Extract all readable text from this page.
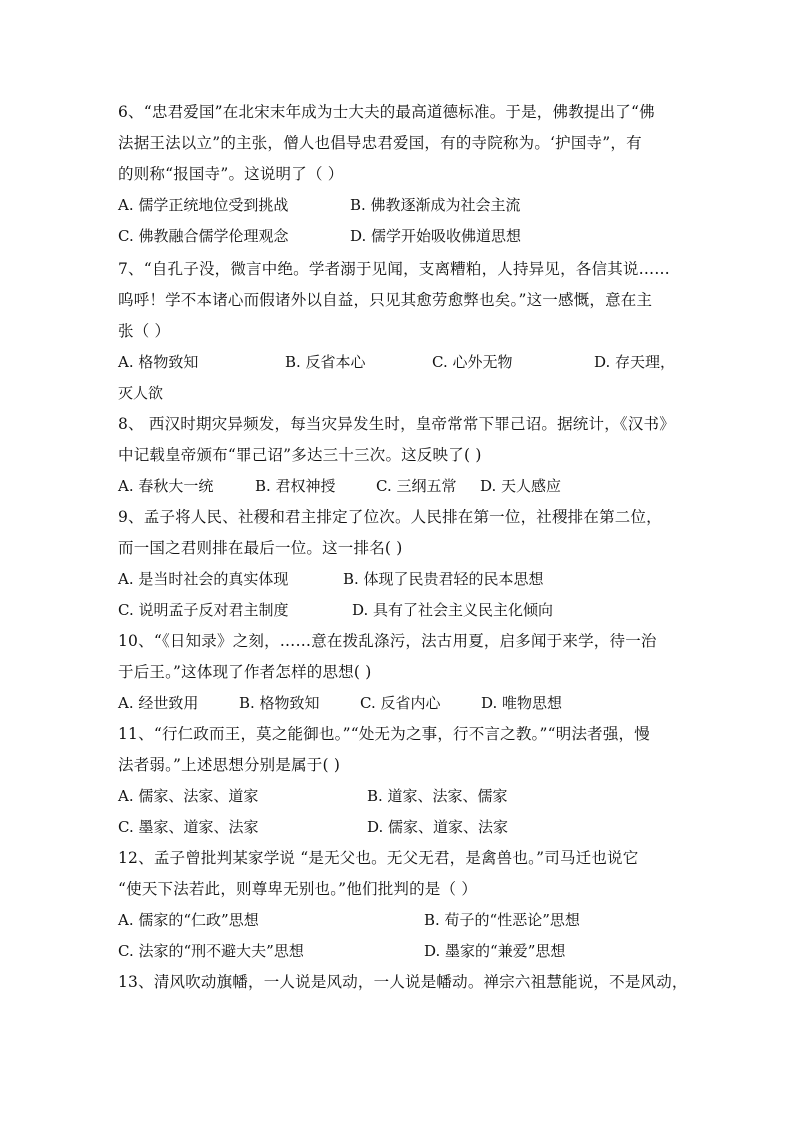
6、“忠君爱国”在北宋末年成为士大夫的最高道德标准。于是，佛教提出了“佛
法据王法以立”的主张，僧人也倡导忠君爱国，有的寺院称为。‘护国寺”，有
的则称“报国寺”。这说明了（ ）
A. 儒学正统地位受到挑战	B. 佛教逐渐成为社会主流
C. 佛教融合儒学伦理观念	D. 儒学开始吸收佛道思想
7、“自孔子没，微言中绝。学者溺于见闻，支离糟粕，人持异见，各信其说……
呜呼！学不本诸心而假诸外以自益，只见其愈劳愈弊也矣。”这一感慨，意在主
张（ ）
A. 格物致知	B. 反省本心	C. 心外无物	D. 存天理，
灭人欲
8、 西汉时期灾异频发，每当灾异发生时，皇帝常常下罪己诏。据统计，《汉书》
中记载皇帝颁布“罪己诏”多达三十三次。这反映了( )
A. 春秋大一统	B. 君权神授	C. 三纲五常 D. 天人感应
9、孟子将人民、社稷和君主排定了位次。人民排在第一位，社稷排在第二位，
而一国之君则排在最后一位。这一排名( )
A. 是当时社会的真实体现	B. 体现了民贵君轻的民本思想
C. 说明孟子反对君主制度	D. 具有了社会主义民主化倾向
10、“《日知录》之刻，……意在拨乱涤污，法古用夏，启多闻于来学，待一治
于后王。”这体现了作者怎样的思想( )
A. 经世致用	B. 格物致知	C. 反省内心	D. 唯物思想
11、“行仁政而王，莫之能御也。”“处无为之事，行不言之教。”“明法者强，慢
法者弱。”上述思想分别是属于( )
A. 儒家、法家、道家	B. 道家、法家、儒家
C. 墨家、道家、法家	D. 儒家、道家、法家
12、孟子曾批判某家学说 “是无父也。无父无君，是禽兽也。”司马迁也说它
“使天下法若此，则尊卑无别也。”他们批判的是（ ）
A. 儒家的“仁政”思想	B. 荀子的“性恶论”思想
C. 法家的“刑不避大夫”思想	D. 墨家的“兼爱”思想
13、清风吹动旗幡，一人说是风动，一人说是幡动。禅宗六祖慧能说，不是风动，
